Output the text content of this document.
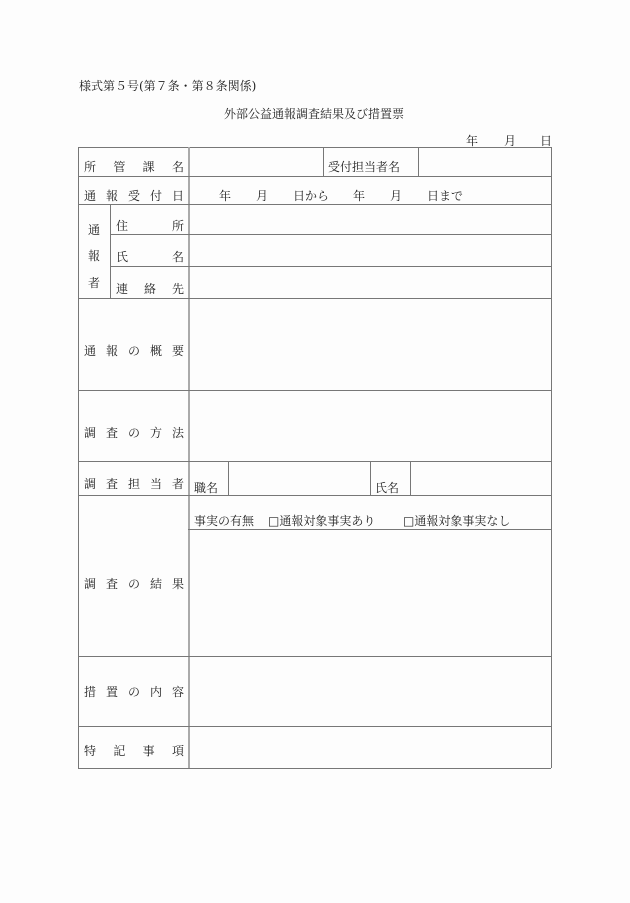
様式第５号(第７条・第８条関係)
外部公益通報調査結果及び措置票
年 月 日
所 管 課 名	受付担当者名
通 報 受 付 日	年 月 日から 年 月 日まで
通
報
者
住	所
氏	名
連 絡 先
通 報 の 概 要
調 査 の 方 法
調 査 担 当 者 職名	氏名
調 査 の 結 果
事実の有無 □通報対象事実あり □通報対象事実なし
措 置 の 内 容
特 記 事 項
